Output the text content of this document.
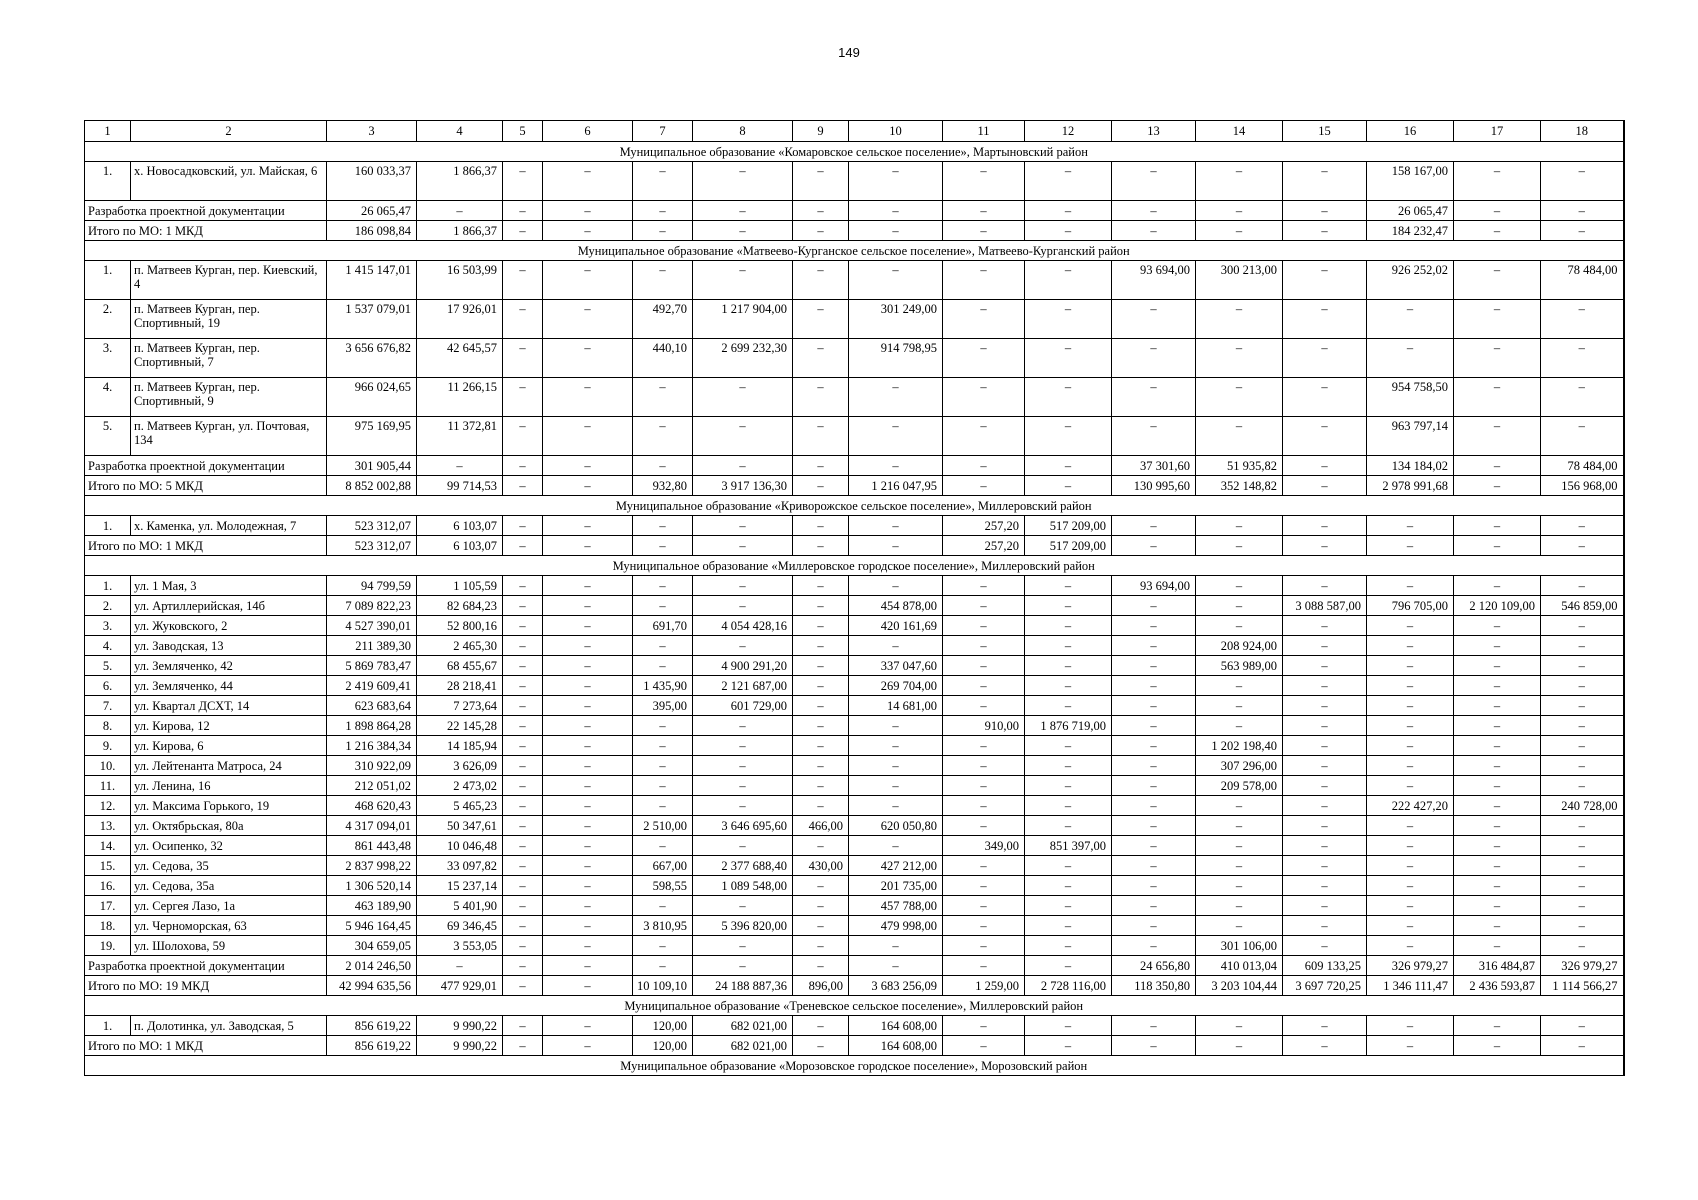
149
1	2	3	4	5	6	7	8	9	10	11	12	13	14	15	16	17	18
Муниципальное образование «Комаровское сельское поселение», Мартыновский район																	
1.	х. Новосадковский, ул. Майская, 6	160 033,37	1 866,37	–	–	–	–	–	–	–	–	–	–	–	158 167,00	–	–
Разработка проектной документации		26 065,47	–	–	–	–	–	–	–	–	–	–	–	–	26 065,47	–	–
Итого по МО: 1 МКД		186 098,84	1 866,37	–	–	–	–	–	–	–	–	–	–	–	184 232,47	–	–
Муниципальное образование «Матвеево-Курганское сельское поселение», Матвеево-Курганский район																	
1.	п. Матвеев Курган, пер. Киевский, 4	1 415 147,01	16 503,99	–	–	–	–	–	–	–	–	93 694,00	300 213,00	–	926 252,02	–	78 484,00
2.	п. Матвеев Курган, пер. Спортивный, 19	1 537 079,01	17 926,01	–	–	492,70	1 217 904,00	–	301 249,00	–	–	–	–	–	–	–	–
3.	п. Матвеев Курган, пер. Спортивный, 7	3 656 676,82	42 645,57	–	–	440,10	2 699 232,30	–	914 798,95	–	–	–	–	–	–	–	–
4.	п. Матвеев Курган, пер. Спортивный, 9	966 024,65	11 266,15	–	–	–	–	–	–	–	–	–	–	–	954 758,50	–	–
5.	п. Матвеев Курган, ул. Почтовая, 134	975 169,95	11 372,81	–	–	–	–	–	–	–	–	–	–	–	963 797,14	–	–
Разработка проектной документации		301 905,44	–	–	–	–	–	–	–	–	–	37 301,60	51 935,82	–	134 184,02	–	78 484,00
Итого по МО: 5 МКД		8 852 002,88	99 714,53	–	–	932,80	3 917 136,30	–	1 216 047,95	–	–	130 995,60	352 148,82	–	2 978 991,68	–	156 968,00
Муниципальное образование «Криворожское сельское поселение», Миллеровский район																	
1.	х. Каменка, ул. Молодежная, 7	523 312,07	6 103,07	–	–	–	–	–	–	257,20	517 209,00	–	–	–	–	–	–
Итого по МО: 1 МКД		523 312,07	6 103,07	–	–	–	–	–	–	257,20	517 209,00	–	–	–	–	–	–
Муниципальное образование «Миллеровское городское поселение», Миллеровский район																	
1.	ул. 1 Мая, 3	94 799,59	1 105,59	–	–	–	–	–	–	–	–	93 694,00	–	–	–	–	–
2.	ул. Артиллерийская, 14б	7 089 822,23	82 684,23	–	–	–	–	–	454 878,00	–	–	–	–	3 088 587,00	796 705,00	2 120 109,00	546 859,00
3.	ул. Жуковского, 2	4 527 390,01	52 800,16	–	–	691,70	4 054 428,16	–	420 161,69	–	–	–	–	–	–	–	–
4.	ул. Заводская, 13	211 389,30	2 465,30	–	–	–	–	–	–	–	–	–	208 924,00	–	–	–	–
5.	ул. Земляченко, 42	5 869 783,47	68 455,67	–	–	–	4 900 291,20	–	337 047,60	–	–	–	563 989,00	–	–	–	–
6.	ул. Земляченко, 44	2 419 609,41	28 218,41	–	–	1 435,90	2 121 687,00	–	269 704,00	–	–	–	–	–	–	–	–
7.	ул. Квартал ДСХТ, 14	623 683,64	7 273,64	–	–	395,00	601 729,00	–	14 681,00	–	–	–	–	–	–	–	–
8.	ул. Кирова, 12	1 898 864,28	22 145,28	–	–	–	–	–	–	910,00	1 876 719,00	–	–	–	–	–	–
9.	ул. Кирова, 6	1 216 384,34	14 185,94	–	–	–	–	–	–	–	–	–	1 202 198,40	–	–	–	–
10.	ул. Лейтенанта Матроса, 24	310 922,09	3 626,09	–	–	–	–	–	–	–	–	–	307 296,00	–	–	–	–
11.	ул. Ленина, 16	212 051,02	2 473,02	–	–	–	–	–	–	–	–	–	209 578,00	–	–	–	–
12.	ул. Максима Горького, 19	468 620,43	5 465,23	–	–	–	–	–	–	–	–	–	–	–	222 427,20	–	240 728,00
13.	ул. Октябрьская, 80а	4 317 094,01	50 347,61	–	–	2 510,00	3 646 695,60	466,00	620 050,80	–	–	–	–	–	–	–	–
14.	ул. Осипенко, 32	861 443,48	10 046,48	–	–	–	–	–	–	349,00	851 397,00	–	–	–	–	–	–
15.	ул. Седова, 35	2 837 998,22	33 097,82	–	–	667,00	2 377 688,40	430,00	427 212,00	–	–	–	–	–	–	–	–
16.	ул. Седова, 35а	1 306 520,14	15 237,14	–	–	598,55	1 089 548,00	–	201 735,00	–	–	–	–	–	–	–	–
17.	ул. Сергея Лазо, 1а	463 189,90	5 401,90	–	–	–	–	–	457 788,00	–	–	–	–	–	–	–	–
18.	ул. Черноморская, 63	5 946 164,45	69 346,45	–	–	3 810,95	5 396 820,00	–	479 998,00	–	–	–	–	–	–	–	–
19.	ул. Шолохова, 59	304 659,05	3 553,05	–	–	–	–	–	–	–	–	–	301 106,00	–	–	–	–
Разработка проектной документации		2 014 246,50	–	–	–	–	–	–	–	–	–	24 656,80	410 013,04	609 133,25	326 979,27	316 484,87	326 979,27
Итого по МО: 19 МКД		42 994 635,56	477 929,01	–	–	10 109,10	24 188 887,36	896,00	3 683 256,09	1 259,00	2 728 116,00	118 350,80	3 203 104,44	3 697 720,25	1 346 111,47	2 436 593,87	1 114 566,27
Муниципальное образование «Треневское сельское поселение», Миллеровский район																	
1.	п. Долотинка, ул. Заводская, 5	856 619,22	9 990,22	–	–	120,00	682 021,00	–	164 608,00	–	–	–	–	–	–	–	–
Итого по МО: 1 МКД		856 619,22	9 990,22	–	–	120,00	682 021,00	–	164 608,00	–	–	–	–	–	–	–	–
Муниципальное образование «Морозовское городское поселение», Морозовский район																	
